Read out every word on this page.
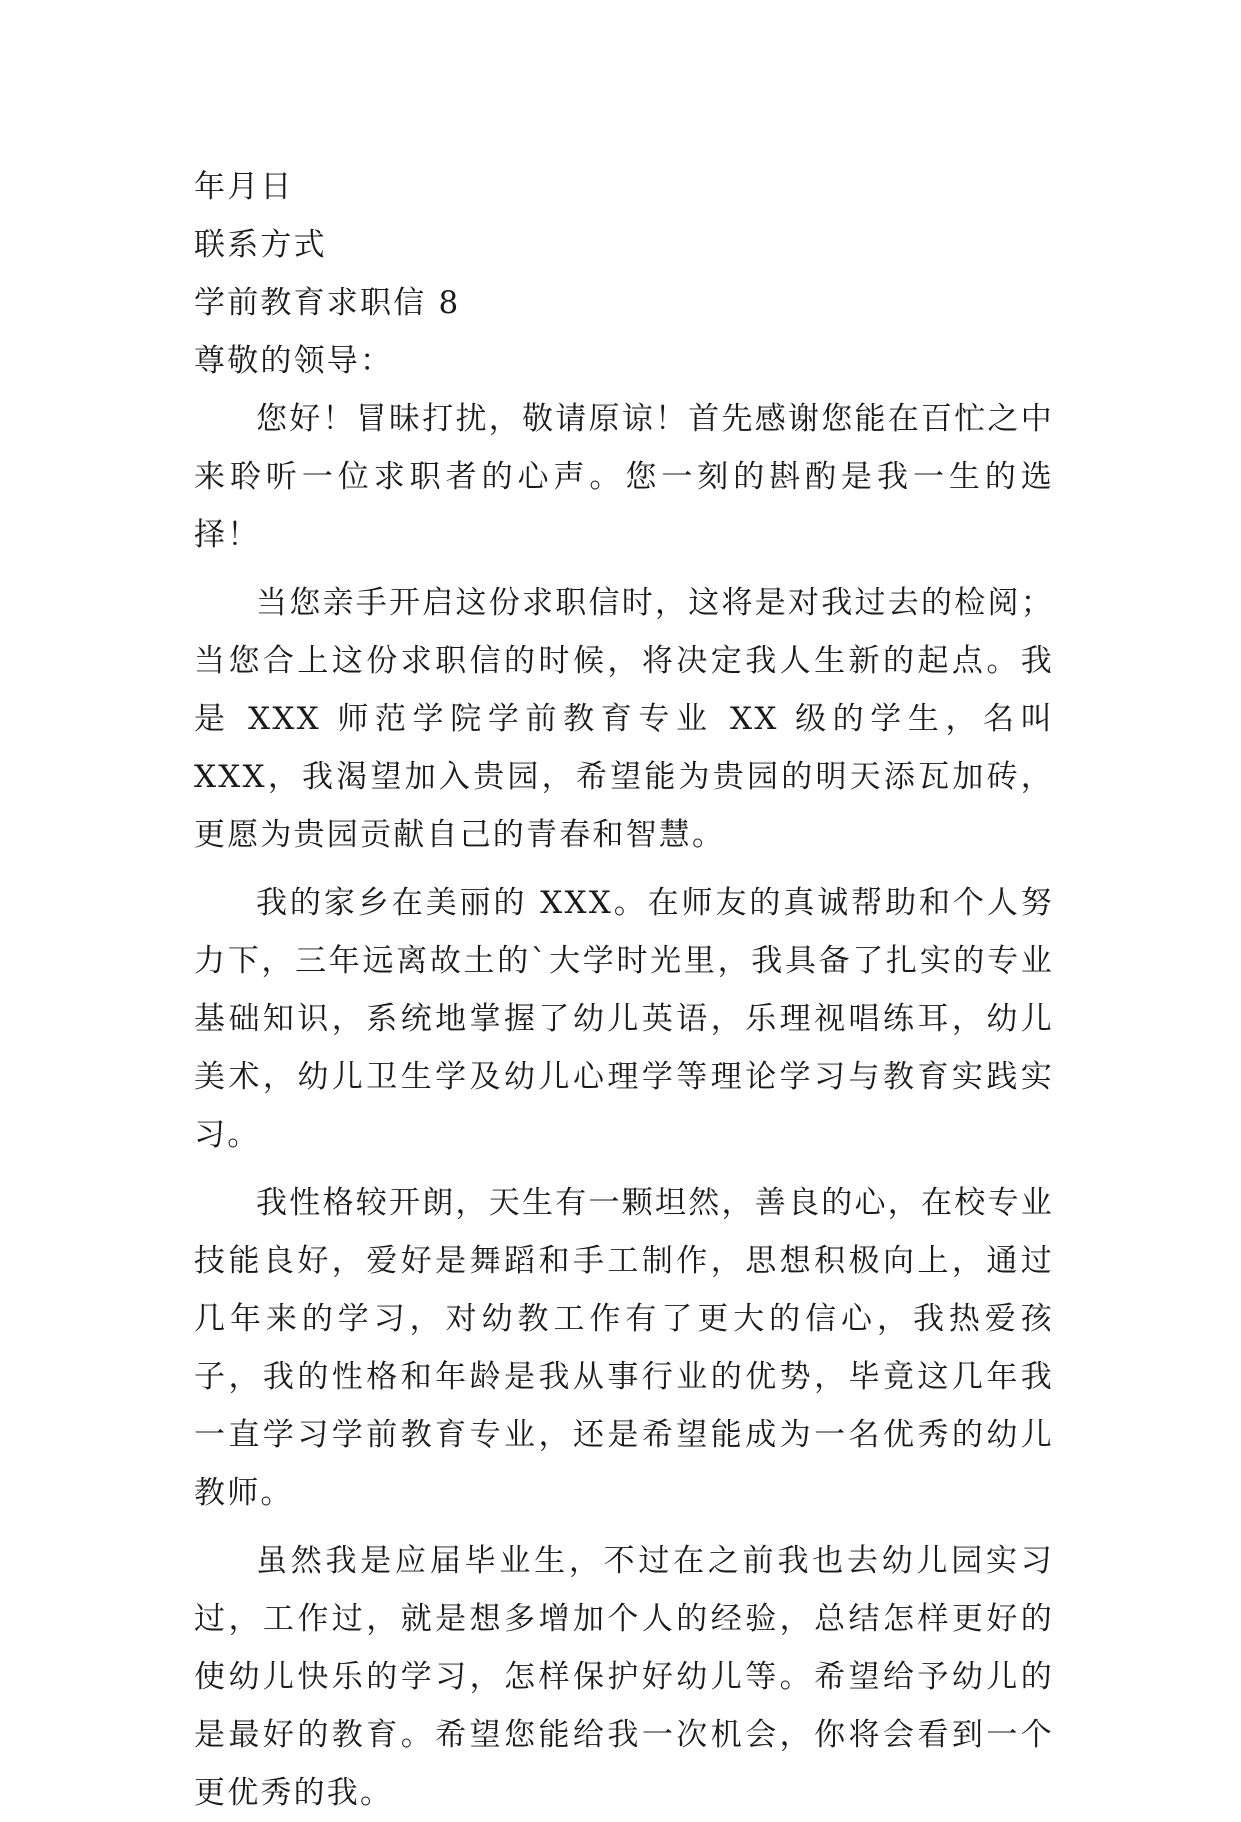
年月日

联系方式

学前教育求职信 8

尊敬的领导：

您好！冒昧打扰，敬请原谅！首先感谢您能在百忙之中来聆听一位求职者的心声。您一刻的斟酌是我一生的选择！

当您亲手开启这份求职信时，这将是对我过去的检阅；当您合上这份求职信的时候，将决定我人生新的起点。我是 XXX 师范学院学前教育专业 XX 级的学生，名叫 XXX，我渴望加入贵园，希望能为贵园的明天添瓦加砖，更愿为贵园贡献自己的青春和智慧。

我的家乡在美丽的 XXX。在师友的真诚帮助和个人努力下，三年远离故土的`大学时光里，我具备了扎实的专业基础知识，系统地掌握了幼儿英语，乐理视唱练耳，幼儿美术，幼儿卫生学及幼儿心理学等理论学习与教育实践实习。

我性格较开朗，天生有一颗坦然，善良的心，在校专业技能良好，爱好是舞蹈和手工制作，思想积极向上，通过几年来的学习，对幼教工作有了更大的信心，我热爱孩子，我的性格和年龄是我从事行业的优势，毕竟这几年我一直学习学前教育专业，还是希望能成为一名优秀的幼儿教师。

虽然我是应届毕业生，不过在之前我也去幼儿园实习过，工作过，就是想多增加个人的经验，总结怎样更好的使幼儿快乐的学习，怎样保护好幼儿等。希望给予幼儿的是最好的教育。希望您能给我一次机会，你将会看到一个更优秀的我。
